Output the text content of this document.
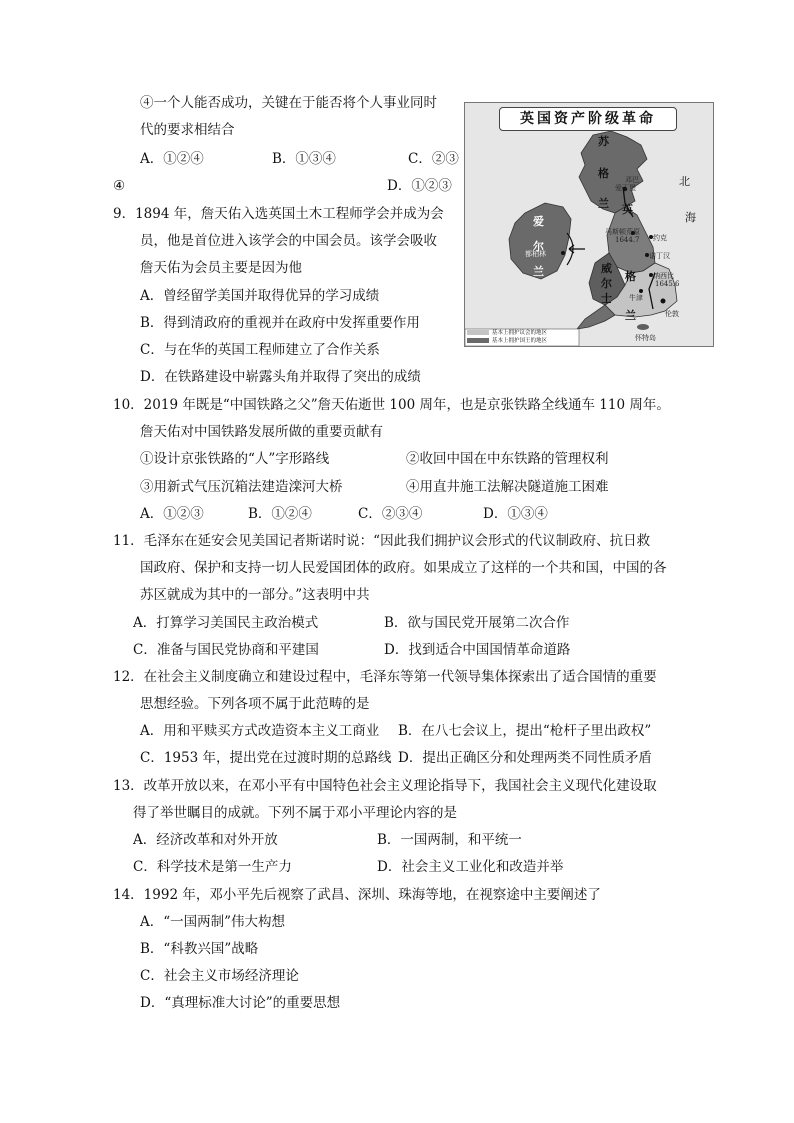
④一个人能否成功，关键在于能否将个人事业同时
代的要求相结合
A．①②④	B．①③④	C．②③
④	D．①②③
英国资产阶级革命
苏
格
兰
爱
尔
兰	威
尔
士
英
格
兰
北
海
邓巴
爱丁堡
马斯顿荒原
1644.7 约克
都柏林	诺丁汉
纳西比
1645.6
牛津
伦敦
怀特岛
基本上拥护议会的地区
基本上拥护国王的地区
9．1894 年，詹天佑入选英国土木工程师学会并成为会
员，他是首位进入该学会的中国会员。该学会吸收
詹天佑为会员主要是因为他
A．曾经留学美国并取得优异的学习成绩
B．得到清政府的重视并在政府中发挥重要作用
C．与在华的英国工程师建立了合作关系
D．在铁路建设中崭露头角并取得了突出的成绩
10．2019 年既是“中国铁路之父”詹天佑逝世 100 周年，也是京张铁路全线通车 110 周年。
詹天佑对中国铁路发展所做的重要贡献有
①设计京张铁路的“人”字形路线	②收回中国在中东铁路的管理权利
③用新式气压沉箱法建造滦河大桥	④用直井施工法解决隧道施工困难
A．①②③	B．①②④	C．②③④	D．①③④
11．毛泽东在延安会见美国记者斯诺时说：“因此我们拥护议会形式的代议制政府、抗日救
国政府、保护和支持一切人民爱国团体的政府。如果成立了这样的一个共和国，中国的各
苏区就成为其中的一部分。”这表明中共
A．打算学习美国民主政治模式	B．欲与国民党开展第二次合作
C．准备与国民党协商和平建国	D．找到适合中国国情革命道路
12．在社会主义制度确立和建设过程中，毛泽东等第一代领导集体探索出了适合国情的重要
思想经验。下列各项不属于此范畴的是
A．用和平赎买方式改造资本主义工商业 B．在八七会议上，提出“枪杆子里出政权”
C．1953 年，提出党在过渡时期的总路线 D．提出正确区分和处理两类不同性质矛盾
13．改革开放以来，在邓小平有中国特色社会主义理论指导下，我国社会主义现代化建设取
得了举世瞩目的成就。下列不属于邓小平理论内容的是
A．经济改革和对外开放	B．一国两制，和平统一
C．科学技术是第一生产力	D．社会主义工业化和改造并举
14．1992 年，邓小平先后视察了武昌、深圳、珠海等地，在视察途中主要阐述了
A．“一国两制”伟大构想
B．“科教兴国”战略
C．社会主义市场经济理论
D．“真理标准大讨论”的重要思想
